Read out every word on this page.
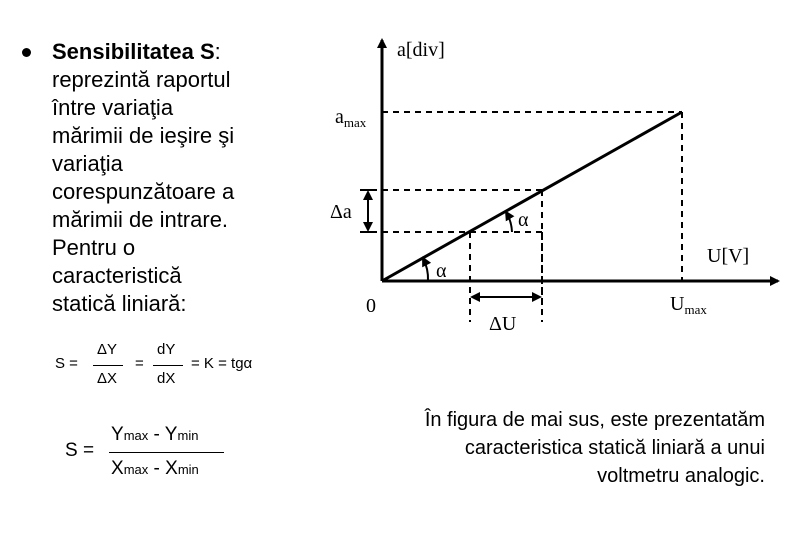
Sensibilitatea S:
reprezintă raportul
între variaţia
mărimii de ieşire şi
variaţia
corespunzătoare a
mărimii de intrare.
Pentru o
caracteristică
statică liniară:
S =
ΔY
ΔX
=
dY
dX
= K = tgα
S =
Ymax - Ymin
Xmax - Xmin
a[div]
U[V]
0
$a_{max}$
Δa	α
α
$U_{max}$
ΔU
În figura de mai sus, este prezentatăm
caracteristica statică liniară a unui
voltmetru analogic.
